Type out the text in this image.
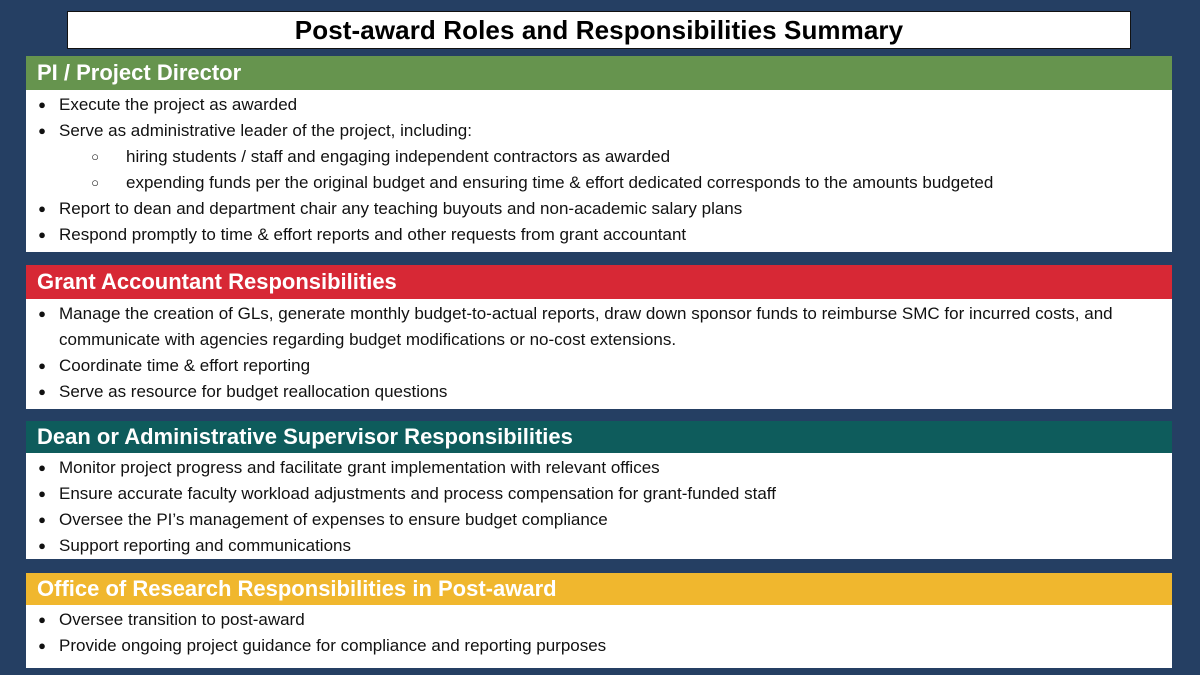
Post-award Roles and Responsibilities Summary
PI / Project Director
● Execute the project as awarded
● Serve as administrative leader of the project, including:
○ hiring students / staff and engaging independent contractors as awarded
○ expending funds per the original budget and ensuring time & effort dedicated corresponds to the amounts budgeted
● Report to dean and department chair any teaching buyouts and non-academic salary plans
● Respond promptly to time & effort reports and other requests from grant accountant
Grant Accountant Responsibilities
● Manage the creation of GLs, generate monthly budget-to-actual reports, draw down sponsor funds to reimburse SMC for incurred costs, and communicate with agencies regarding budget modifications or no-cost extensions.
● Coordinate time & effort reporting
● Serve as resource for budget reallocation questions
Dean or Administrative Supervisor Responsibilities
● Monitor project progress and facilitate grant implementation with relevant offices
● Ensure accurate faculty workload adjustments and process compensation for grant-funded staff
● Oversee the PI’s management of expenses to ensure budget compliance
● Support reporting and communications
Office of Research Responsibilities in Post-award
● Oversee transition to post-award
● Provide ongoing project guidance for compliance and reporting purposes
